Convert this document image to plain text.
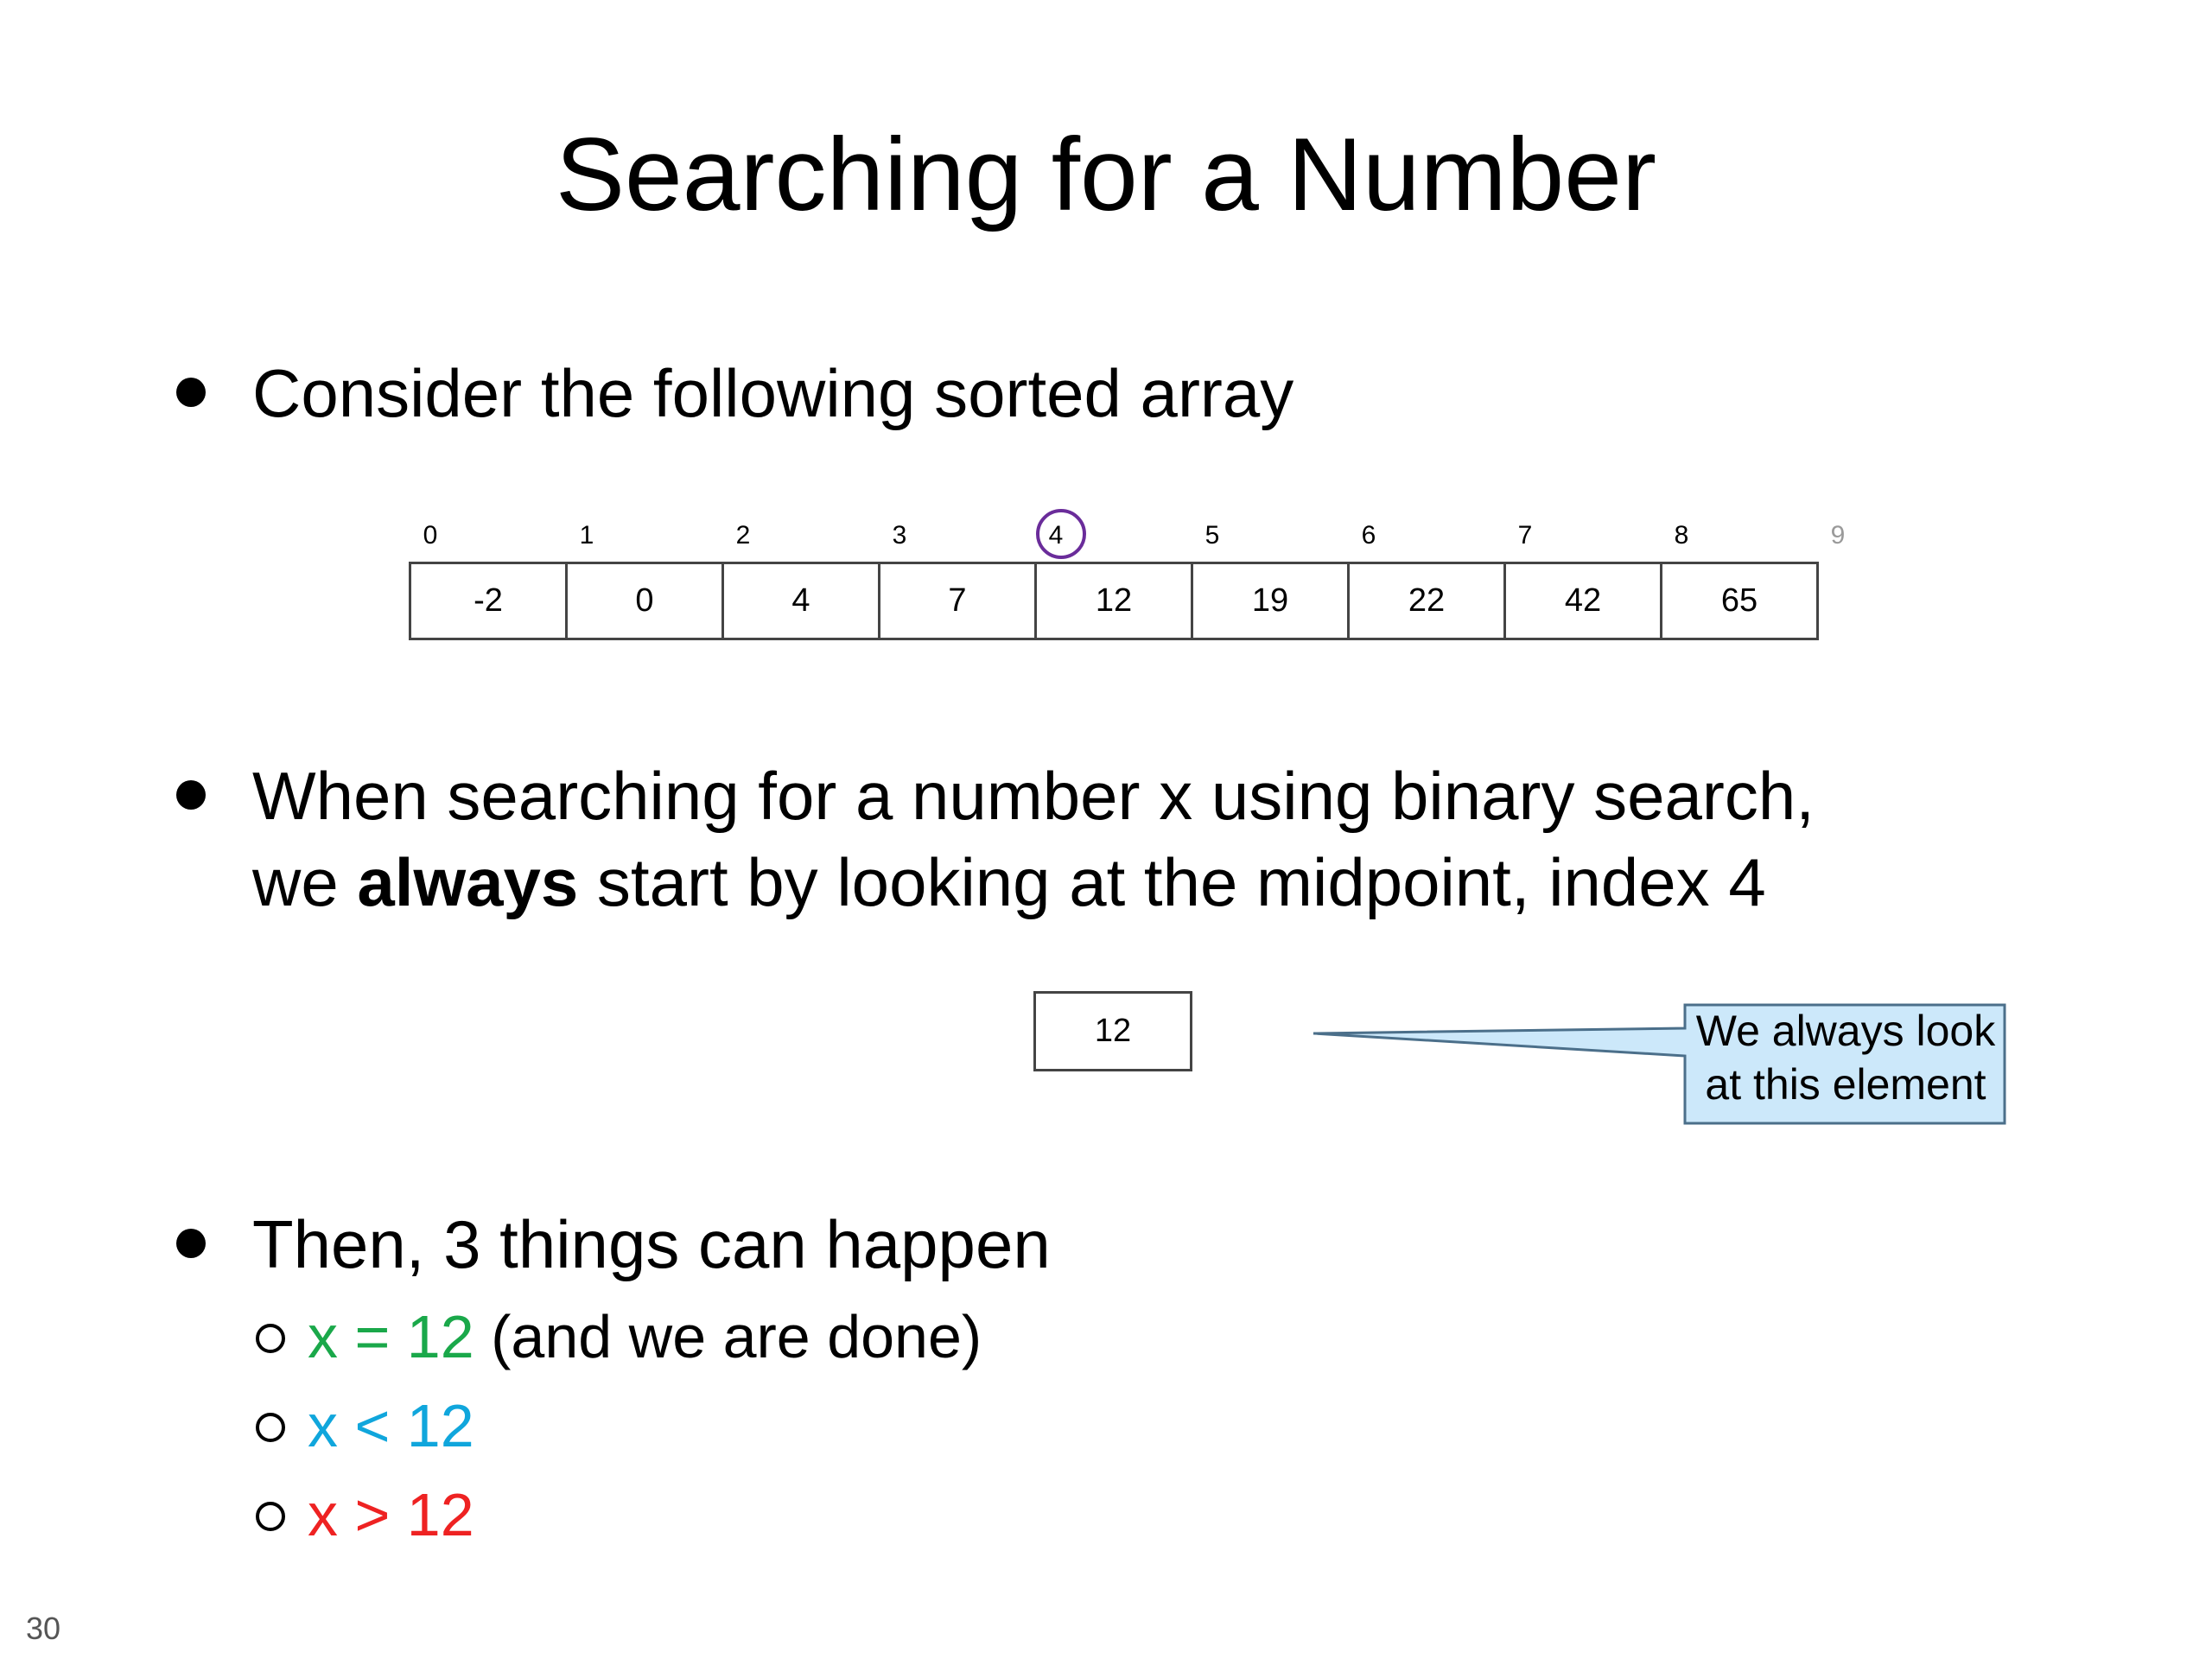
Searching for a Number
Consider the following sorted array
0	1	2	3	4	5	6	7	8	9
-2	0	4	7	12	19	22	42	65
When searching for a number x using binary search,
we always start by looking at the midpoint, index 4
12	We always look
at this element
Then, 3 things can happen
x = 12 (and we are done)
x < 12
x > 12
30
